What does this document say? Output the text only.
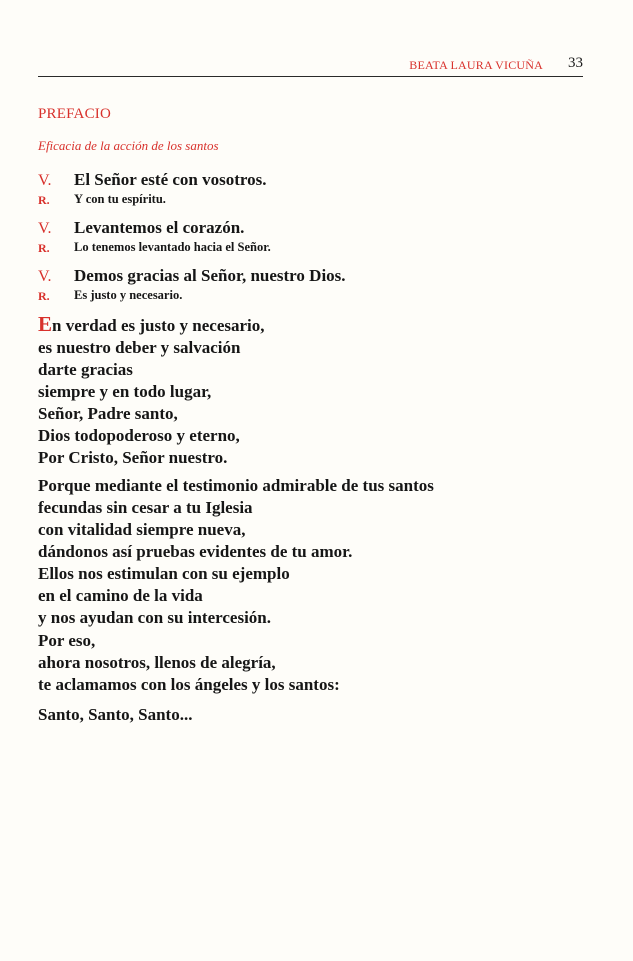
BEATA LAURA VICUÑA 33
PREFACIO
Eficacia de la acción de los santos
V.	El Señor esté con vosotros.
R.	Y con tu espíritu.
V.	Levantemos el corazón.
R.	Lo tenemos levantado hacia el Señor.
V.	Demos gracias al Señor, nuestro Dios.
R.	Es justo y necesario.
En verdad es justo y necesario,
es nuestro deber y salvación
darte gracias
siempre y en todo lugar,
Señor, Padre santo,
Dios todopoderoso y eterno,
Por Cristo, Señor nuestro.
Porque mediante el testimonio admirable de tus santos
fecundas sin cesar a tu Iglesia
con vitalidad siempre nueva,
dándonos así pruebas evidentes de tu amor.
Ellos nos estimulan con su ejemplo
en el camino de la vida
y nos ayudan con su intercesión.
Por eso,
ahora nosotros, llenos de alegría,
te aclamamos con los ángeles y los santos:
Santo, Santo, Santo...
